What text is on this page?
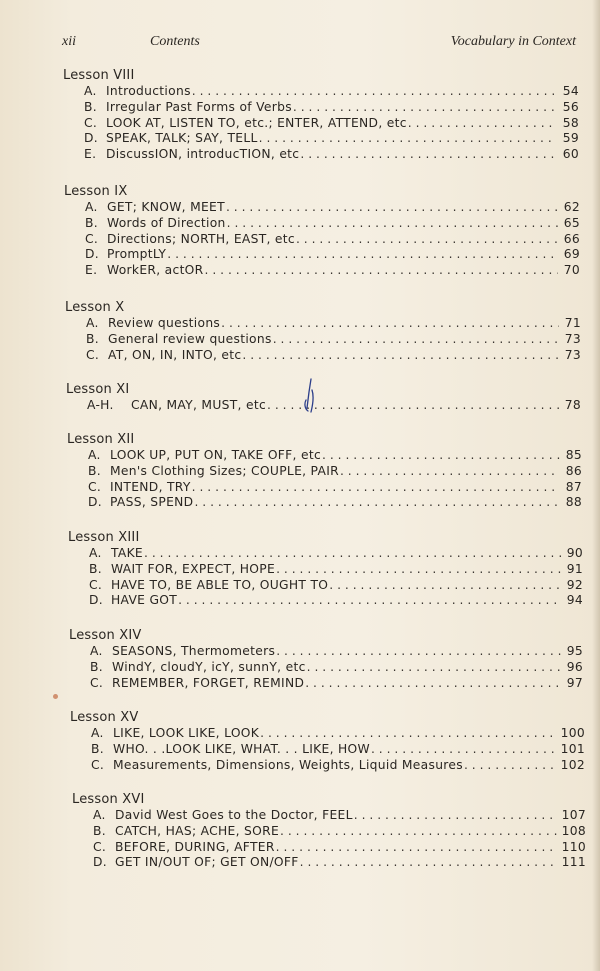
xii	Contents	Vocabulary in Context
Lesson VIII
A. Introductions . . .	54
B. Irregular Past Forms of Verbs . . .	56
C. LOOK AT, LISTEN TO, etc.; ENTER, ATTEND, etc . . .	58
D. SPEAK, TALK; SAY, TELL . . .	59
E. DiscussION, introducTION, etc . . .	60
Lesson IX
A. GET; KNOW, MEET . . .	62
B. Words of Direction . . .	65
C. Directions; NORTH, EAST, etc . . .	66
D. PromptLY . . .	69
E. WorkER, actOR . . .	70
Lesson X
A. Review questions . . .	71
B. General review questions . . .	73
C. AT, ON, IN, INTO, etc . . .	73
Lesson XI
A-H.	CAN, MAY, MUST, etc . . .	78
Lesson XII
A. LOOK UP, PUT ON, TAKE OFF, etc . . .	85
B. Men's Clothing Sizes; COUPLE, PAIR . . .	86
C. INTEND, TRY . . .	87
D. PASS, SPEND . . .	88
Lesson XIII
A. TAKE . . .	90
B. WAIT FOR, EXPECT, HOPE . . .	91
C. HAVE TO, BE ABLE TO, OUGHT TO . . .	92
D. HAVE GOT . . .	94
Lesson XIV
A. SEASONS, Thermometers . . .	95
B. WindY, cloudY, icY, sunnY, etc . . .	96
C. REMEMBER, FORGET, REMIND . . .	97
Lesson XV
A. LIKE, LOOK LIKE, LOOK . . .	100
B. WHO. . .LOOK LIKE, WHAT. . . LIKE, HOW . . .	101
C. Measurements, Dimensions, Weights, Liquid Measures . . .	102
Lesson XVI
A. David West Goes to the Doctor, FEEL . . .	107
B. CATCH, HAS; ACHE, SORE . . .	108
C. BEFORE, DURING, AFTER . . .	110
D. GET IN/OUT OF; GET ON/OFF . . .	111
